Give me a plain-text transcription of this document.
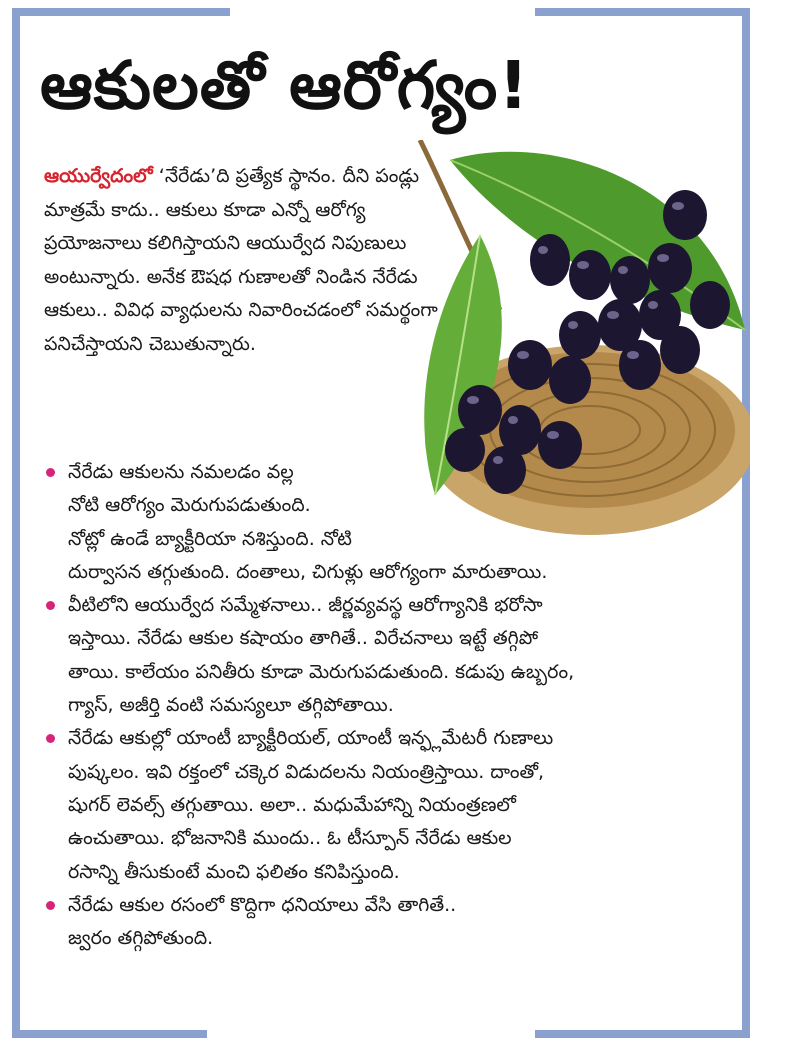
ఆకులతో ఆరోగ్యం!

ఆయుర్వేదంలో ‘నేరేడు’ది ప్రత్యేక స్థానం. దీని పండ్లు మాత్రమే కాదు.. ఆకులు కూడా ఎన్నో ఆరోగ్య ప్రయోజనాలు కలిగిస్తాయని ఆయుర్వేద నిపుణులు అంటున్నారు. అనేక ఔషధ గుణాలతో నిండిన నేరేడు ఆకులు.. వివిధ వ్యాధులను నివారించడంలో సమర్థంగా పనిచేస్తాయని చెబుతున్నారు.

నేరేడు ఆకులను నమలడం వల్ల
నోటి ఆరోగ్యం మెరుగుపడుతుంది.
నోట్లో ఉండే బ్యాక్టీరియా నశిస్తుంది. నోటి
దుర్వాసన తగ్గుతుంది. దంతాలు, చిగుళ్లు ఆరోగ్యంగా మారుతాయి.
వీటిలోని ఆయుర్వేద సమ్మేళనాలు.. జీర్ణవ్యవస్థ ఆరోగ్యానికి భరోసా
ఇస్తాయి. నేరేడు ఆకుల కషాయం తాగితే.. విరేచనాలు ఇట్టే తగ్గిపో
తాయి. కాలేయం పనితీరు కూడా మెరుగుపడుతుంది. కడుపు ఉబ్బరం,
గ్యాస్, అజీర్తి వంటి సమస్యలూ తగ్గిపోతాయి.
నేరేడు ఆకుల్లో యాంటీ బ్యాక్టీరియల్, యాంటీ ఇన్ఫ్లమేటరీ గుణాలు
పుష్కలం. ఇవి రక్తంలో చక్కెర విడుదలను నియంత్రిస్తాయి. దాంతో,
షుగర్ లెవల్స్ తగ్గుతాయి. అలా.. మధుమేహాన్ని నియంత్రణలో
ఉంచుతాయి. భోజనానికి ముందు.. ఓ టీస్పూన్ నేరేడు ఆకుల
రసాన్ని తీసుకుంటే మంచి ఫలితం కనిపిస్తుంది.
నేరేడు ఆకుల రసంలో కొద్దిగా ధనియాలు వేసి తాగితే..
జ్వరం తగ్గిపోతుంది.
